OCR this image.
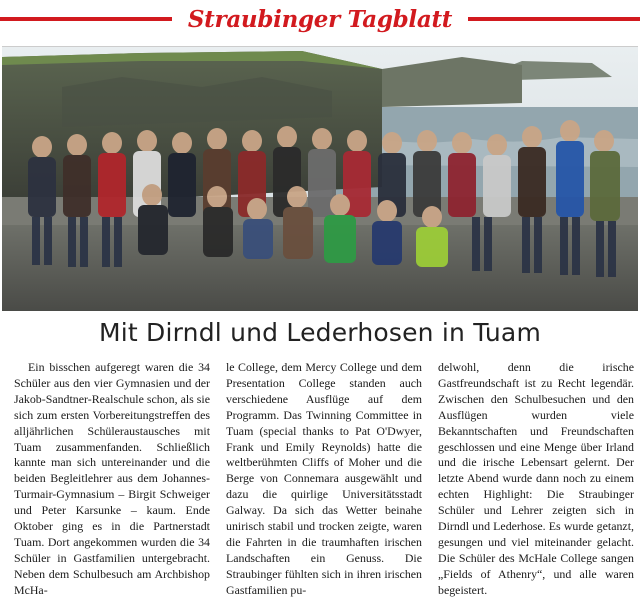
Straubinger Tagblatt
Mit Dirndl und Lederhosen in Tuam

Ein bisschen aufgeregt waren die 34 Schüler aus den vier Gymnasien und der Jakob-Sandtner-Realschule schon, als sie sich zum ersten Vorbereitungstreffen des alljährlichen Schüleraustausches mit Tuam zusammenfanden. Schließlich kannte man sich untereinander und die beiden Begleitlehrer aus dem Johannes-Turmair-Gymnasium – Birgit Schweiger und Peter Karsunke – kaum. Ende Oktober ging es in die Partnerstadt Tuam. Dort angekommen wurden die 34 Schüler in Gastfamilien untergebracht. Neben dem Schulbesuch am Archbishop McHa-

le College, dem Mercy College und dem Presentation College standen auch verschiedene Ausflüge auf dem Programm. Das Twinning Committee in Tuam (special thanks to Pat O'Dwyer, Frank und Emily Reynolds) hatte die weltberühmten Cliffs of Moher und die Berge von Connemara ausgewählt und dazu die quirlige Universitätsstadt Galway. Da sich das Wetter beinahe unirisch stabil und trocken zeigte, waren die Fahrten in die traumhaften irischen Landschaften ein Genuss. Die Straubinger fühlten sich in ihren irischen Gastfamilien pu-

delwohl, denn die irische Gastfreundschaft ist zu Recht legendär. Zwischen den Schulbesuchen und den Ausflügen wurden viele Bekanntschaften und Freundschaften geschlossen und eine Menge über Irland und die irische Lebensart gelernt. Der letzte Abend wurde dann noch zu einem echten Highlight: Die Straubinger Schüler und Lehrer zeigten sich in Dirndl und Lederhose. Es wurde getanzt, gesungen und viel miteinander gelacht. Die Schüler des McHale College sangen „Fields of Athenry“, und alle waren begeistert.
